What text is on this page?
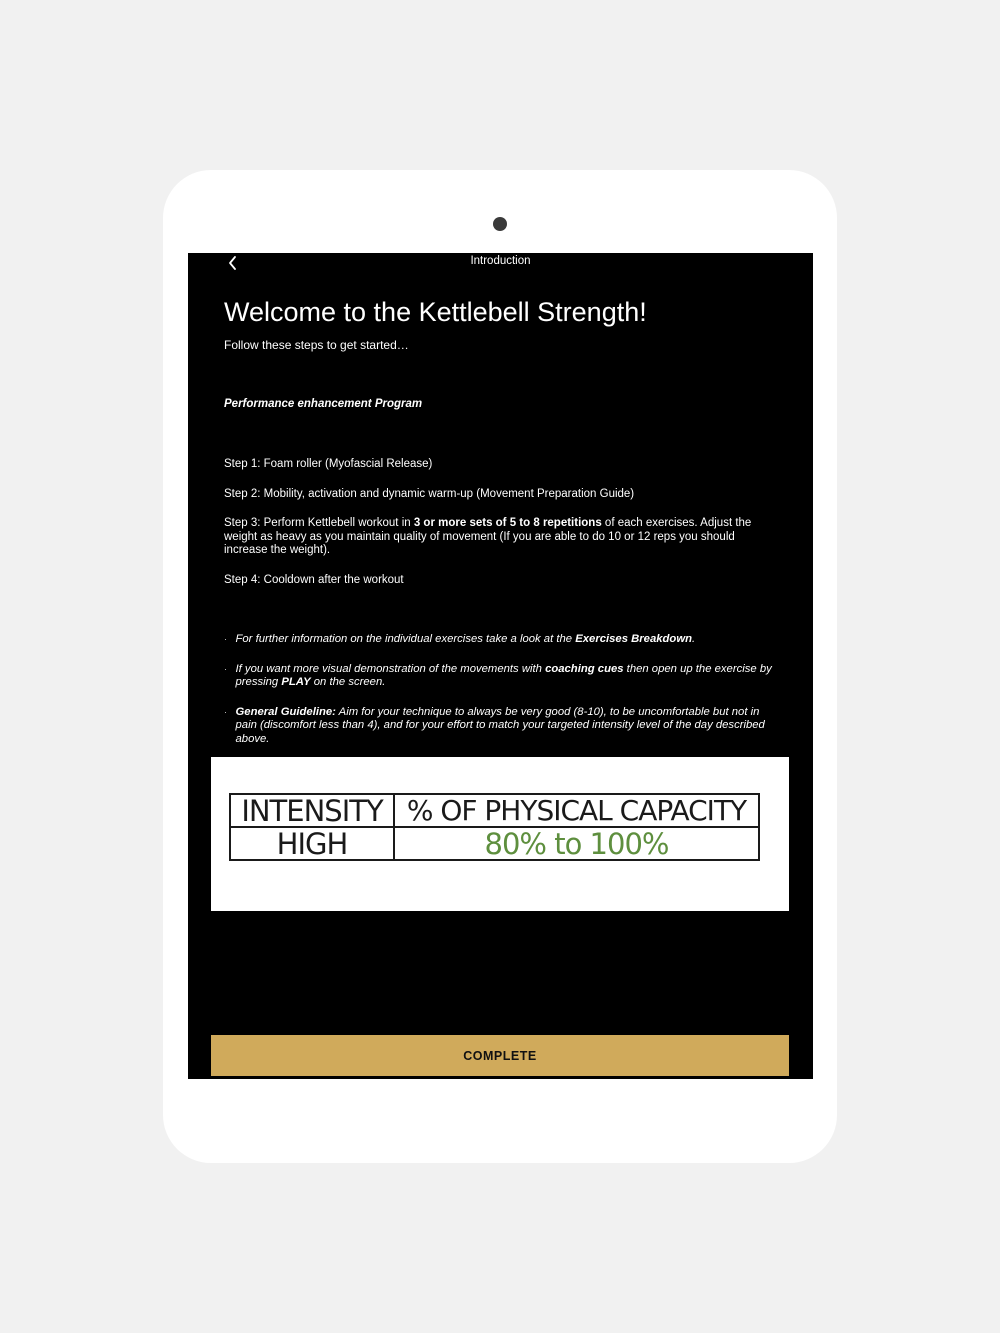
Introduction
Welcome to the Kettlebell Strength!

Follow these steps to get started…

Performance enhancement Program

Step 1: Foam roller (Myofascial Release)

Step 2: Mobility, activation and dynamic warm-up (Movement Preparation Guide)

Step 3: Perform Kettlebell workout in 3 or more sets of 5 to 8 repetitions of each exercises. Adjust the weight as heavy as you maintain quality of movement (If you are able to do 10 or 12 reps you should increase the weight).

Step 4: Cooldown after the workout

· For further information on the individual exercises take a look at the Exercises Breakdown.

· If you want more visual demonstration of the movements with coaching cues then open up the exercise by pressing PLAY on the screen.

· General Guideline: Aim for your technique to always be very good (8-10), to be uncomfortable but not in pain (discomfort less than 4), and for your effort to match your targeted intensity level of the day described above.

INTENSITY % OF PHYSICAL CAPACITY
HIGH	80% to 100%
COMPLETE
